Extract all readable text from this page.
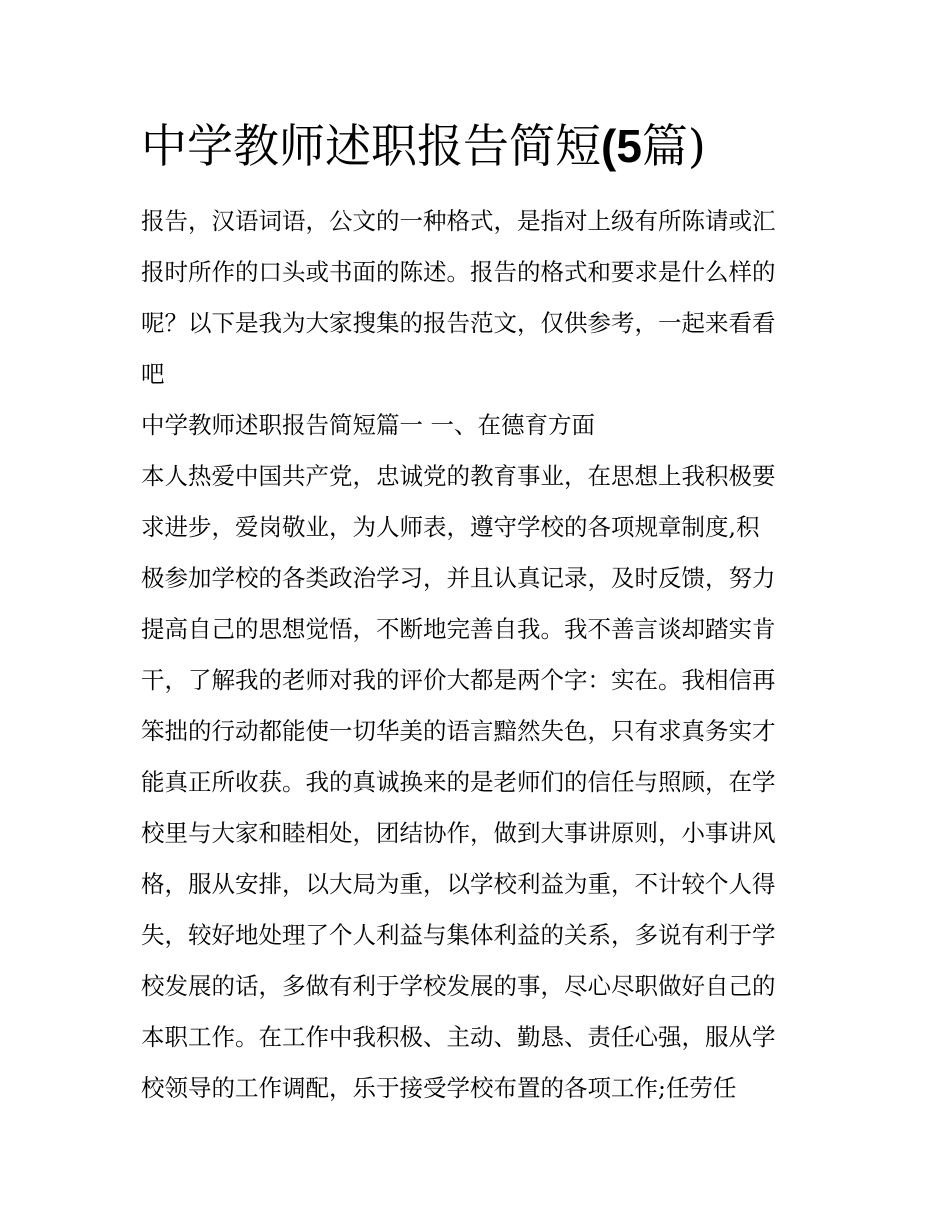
中学教师述职报告简短(5篇)

报告，汉语词语，公文的一种格式，是指对上级有所陈请或汇

报时所作的口头或书面的陈述。报告的格式和要求是什么样的

呢？以下是我为大家搜集的报告范文，仅供参考，一起来看看

吧

中学教师述职报告简短篇一 一、在德育方面

本人热爱中国共产党，忠诚党的教育事业，在思想上我积极要

求进步，爱岗敬业，为人师表，遵守学校的各项规章制度,积

极参加学校的各类政治学习，并且认真记录，及时反馈，努力

提高自己的思想觉悟，不断地完善自我。我不善言谈却踏实肯

干，了解我的老师对我的评价大都是两个字：实在。我相信再

笨拙的行动都能使一切华美的语言黯然失色，只有求真务实才

能真正所收获。我的真诚换来的是老师们的信任与照顾，在学

校里与大家和睦相处，团结协作，做到大事讲原则，小事讲风

格，服从安排，以大局为重，以学校利益为重，不计较个人得

失，较好地处理了个人利益与集体利益的关系，多说有利于学

校发展的话，多做有利于学校发展的事，尽心尽职做好自己的

本职工作。在工作中我积极、主动、勤恳、责任心强，服从学

校领导的工作调配，乐于接受学校布置的各项工作;任劳任
